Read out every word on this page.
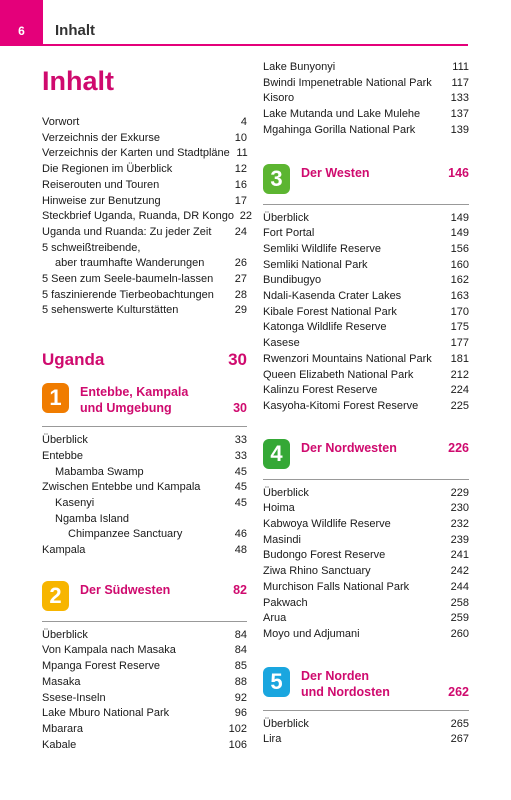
6	Inhalt
Inhalt
Vorwort	4
Verzeichnis der Exkurse	10
Verzeichnis der Karten und Stadtpläne 11
Die Regionen im Überblick	12
Reiserouten und Touren	16
Hinweise zur Benutzung	17
Steckbrief Uganda, Ruanda, DR Kongo 22
Uganda und Ruanda: Zu jeder Zeit	24
5 schweißtreibende,
aber traumhafte Wanderungen	26
5 Seen zum Seele-baumeln-lassen	27
5 faszinierende Tierbeobachtungen	28
5 sehenswerte Kulturstätten	29
Uganda	30
1	Entebbe, Kampala
und Umgebung	30
Überblick	33
Entebbe	33
Mabamba Swamp	45
Zwischen Entebbe und Kampala	45
Kasenyi	45
Ngamba Island
Chimpanzee Sanctuary	46
Kampala	48
2	Der Südwesten	82
Überblick	84
Von Kampala nach Masaka	84
Mpanga Forest Reserve	85
Masaka	88
Ssese-Inseln	92
Lake Mburo National Park	96
Mbarara	102
Kabale	106
Lake Bunyonyi	111
Bwindi Impenetrable National Park 117
Kisoro	133
Lake Mutanda und Lake Mulehe	137
Mgahinga Gorilla National Park	139
3	Der Westen	146
Überblick	149
Fort Portal	149
Semliki Wildlife Reserve	156
Semliki National Park	160
Bundibugyo	162
Ndali-Kasenda Crater Lakes	163
Kibale Forest National Park	170
Katonga Wildlife Reserve	175
Kasese	177
Rwenzori Mountains National Park 181
Queen Elizabeth National Park	212
Kalinzu Forest Reserve	224
Kasyoha-Kitomi Forest Reserve	225
4	Der Nordwesten	226
Überblick	229
Hoima	230
Kabwoya Wildlife Reserve	232
Masindi	239
Budongo Forest Reserve	241
Ziwa Rhino Sanctuary	242
Murchison Falls National Park	244
Pakwach	258
Arua	259
Moyo und Adjumani	260
5	Der Norden
und Nordosten	262
Überblick	265
Lira	267
